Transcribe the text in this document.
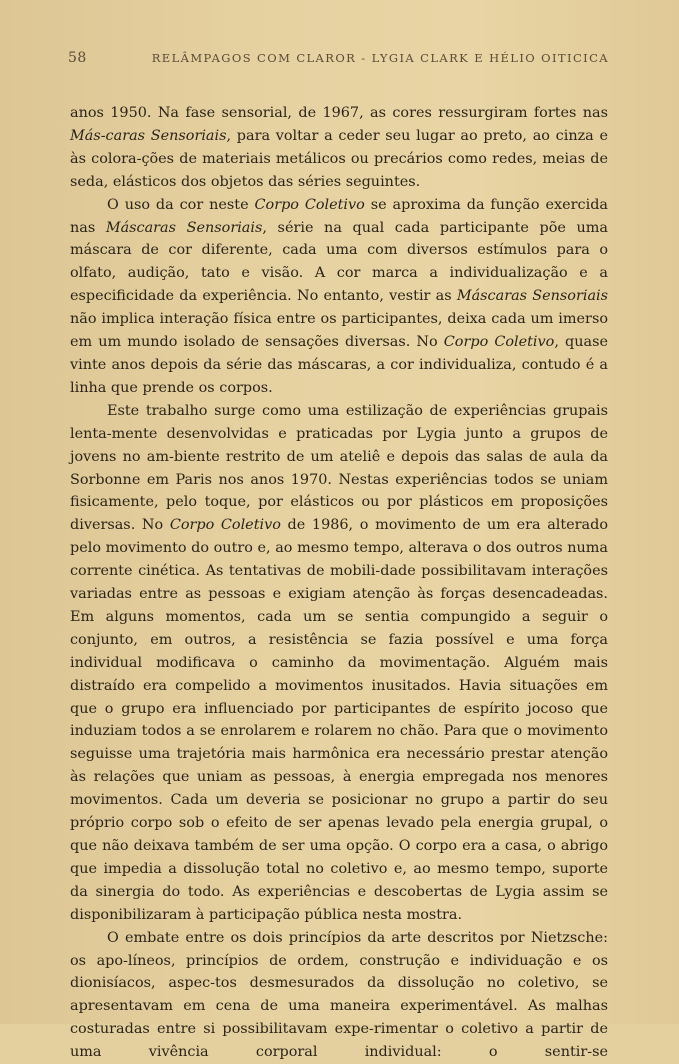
58	RELÂMPAGOS COM CLAROR - LYGIA CLARK E HÉLIO OITICICA

anos 1950. Na fase sensorial, de 1967, as cores ressurgiram fortes nas Más-caras Sensoriais, para voltar a ceder seu lugar ao preto, ao cinza e às colora-ções de materiais metálicos ou precários como redes, meias de seda, elásticos dos objetos das séries seguintes.

O uso da cor neste Corpo Coletivo se aproxima da função exercida nas Máscaras Sensoriais, série na qual cada participante põe uma máscara de cor diferente, cada uma com diversos estímulos para o olfato, audição, tato e visão. A cor marca a individualização e a especificidade da experiência. No entanto, vestir as Máscaras Sensoriais não implica interação física entre os participantes, deixa cada um imerso em um mundo isolado de sensações diversas. No Corpo Coletivo, quase vinte anos depois da série das máscaras, a cor individualiza, contudo é a linha que prende os corpos.

Este trabalho surge como uma estilização de experiências grupais lenta-mente desenvolvidas e praticadas por Lygia junto a grupos de jovens no am-biente restrito de um ateliê e depois das salas de aula da Sorbonne em Paris nos anos 1970. Nestas experiências todos se uniam fisicamente, pelo toque, por elásticos ou por plásticos em proposições diversas. No Corpo Coletivo de 1986, o movimento de um era alterado pelo movimento do outro e, ao mesmo tempo, alterava o dos outros numa corrente cinética. As tentativas de mobili-dade possibilitavam interações variadas entre as pessoas e exigiam atenção às forças desencadeadas. Em alguns momentos, cada um se sentia compungido a seguir o conjunto, em outros, a resistência se fazia possível e uma força individual modificava o caminho da movimentação. Alguém mais distraído era compelido a movimentos inusitados. Havia situações em que o grupo era influenciado por participantes de espírito jocoso que induziam todos a se enrolarem e rolarem no chão. Para que o movimento seguisse uma trajetória mais harmônica era necessário prestar atenção às relações que uniam as pessoas, à energia empregada nos menores movimentos. Cada um deveria se posicionar no grupo a partir do seu próprio corpo sob o efeito de ser apenas levado pela energia grupal, o que não deixava também de ser uma opção. O corpo era a casa, o abrigo que impedia a dissolução total no coletivo e, ao mesmo tempo, suporte da sinergia do todo. As experiências e descobertas de Lygia assim se disponibilizaram à participação pública nesta mostra.

O embate entre os dois princípios da arte descritos por Nietzsche: os apo-líneos, princípios de ordem, construção e individuação e os dionisíacos, aspec-tos desmesurados da dissolução no coletivo, se apresentavam em cena de uma maneira experimentável. As malhas costuradas entre si possibilitavam expe-rimentar o coletivo a partir de uma vivência corporal individual: o sentir-se
